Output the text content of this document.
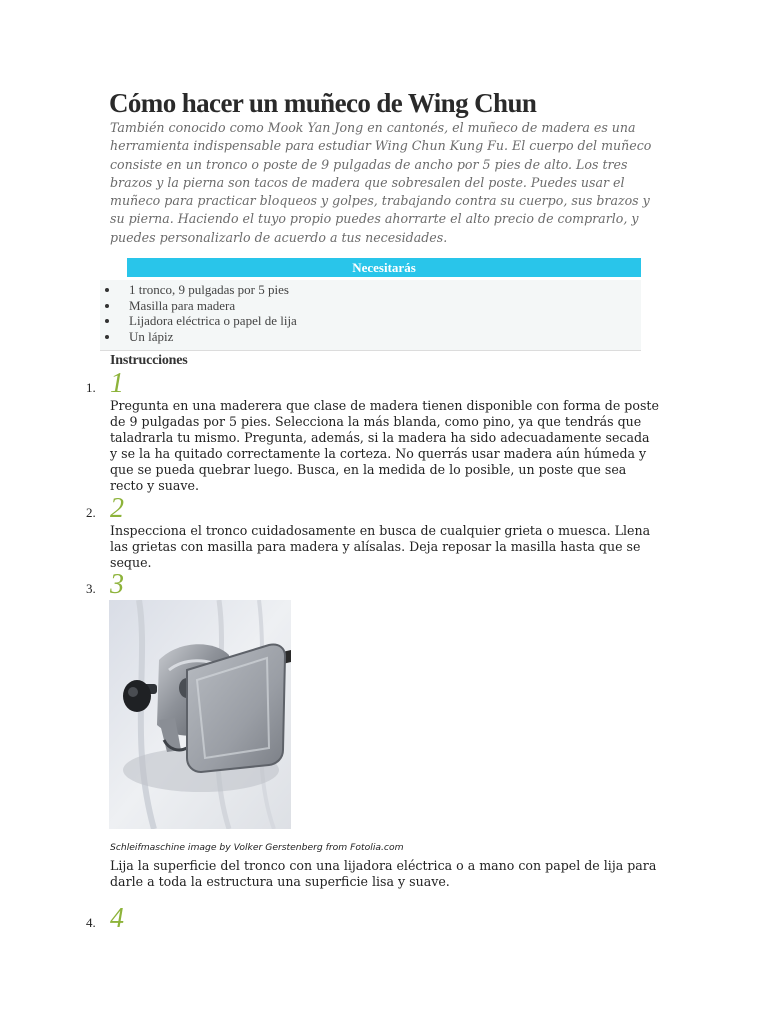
Cómo hacer un muñeco de Wing Chun

También conocido como Mook Yan Jong en cantonés, el muñeco de madera es una herramienta indispensable para estudiar Wing Chun Kung Fu. El cuerpo del muñeco consiste en un tronco o poste de 9 pulgadas de ancho por 5 pies de alto. Los tres brazos y la pierna son tacos de madera que sobresalen del poste. Puedes usar el muñeco para practicar bloqueos y golpes, trabajando contra su cuerpo, sus brazos y su pierna. Haciendo el tuyo propio puedes ahorrarte el alto precio de comprarlo, y puedes personalizarlo de acuerdo a tus necesidades.

Necesitarás
1 tronco, 9 pulgadas por 5 pies
Masilla para madera
Lijadora eléctrica o papel de lija
Un lápiz
Instrucciones
1. 1

Pregunta en una maderera que clase de madera tienen disponible con forma de poste de 9 pulgadas por 5 pies. Selecciona la más blanda, como pino, ya que tendrás que taladrarla tu mismo. Pregunta, además, si la madera ha sido adecuadamente secada y se la ha quitado correctamente la corteza. No querrás usar madera aún húmeda y que se pueda quebrar luego. Busca, en la medida de lo posible, un poste que sea recto y suave.

2. 2

Inspecciona el tronco cuidadosamente en busca de cualquier grieta o muesca. Llena las grietas con masilla para madera y alísalas. Deja reposar la masilla hasta que se seque.

3. 3

Schleifmaschine image by Volker Gerstenberg from Fotolia.com

Lija la superficie del tronco con una lijadora eléctrica o a mano con papel de lija para darle a toda la estructura una superficie lisa y suave.

4. 4
